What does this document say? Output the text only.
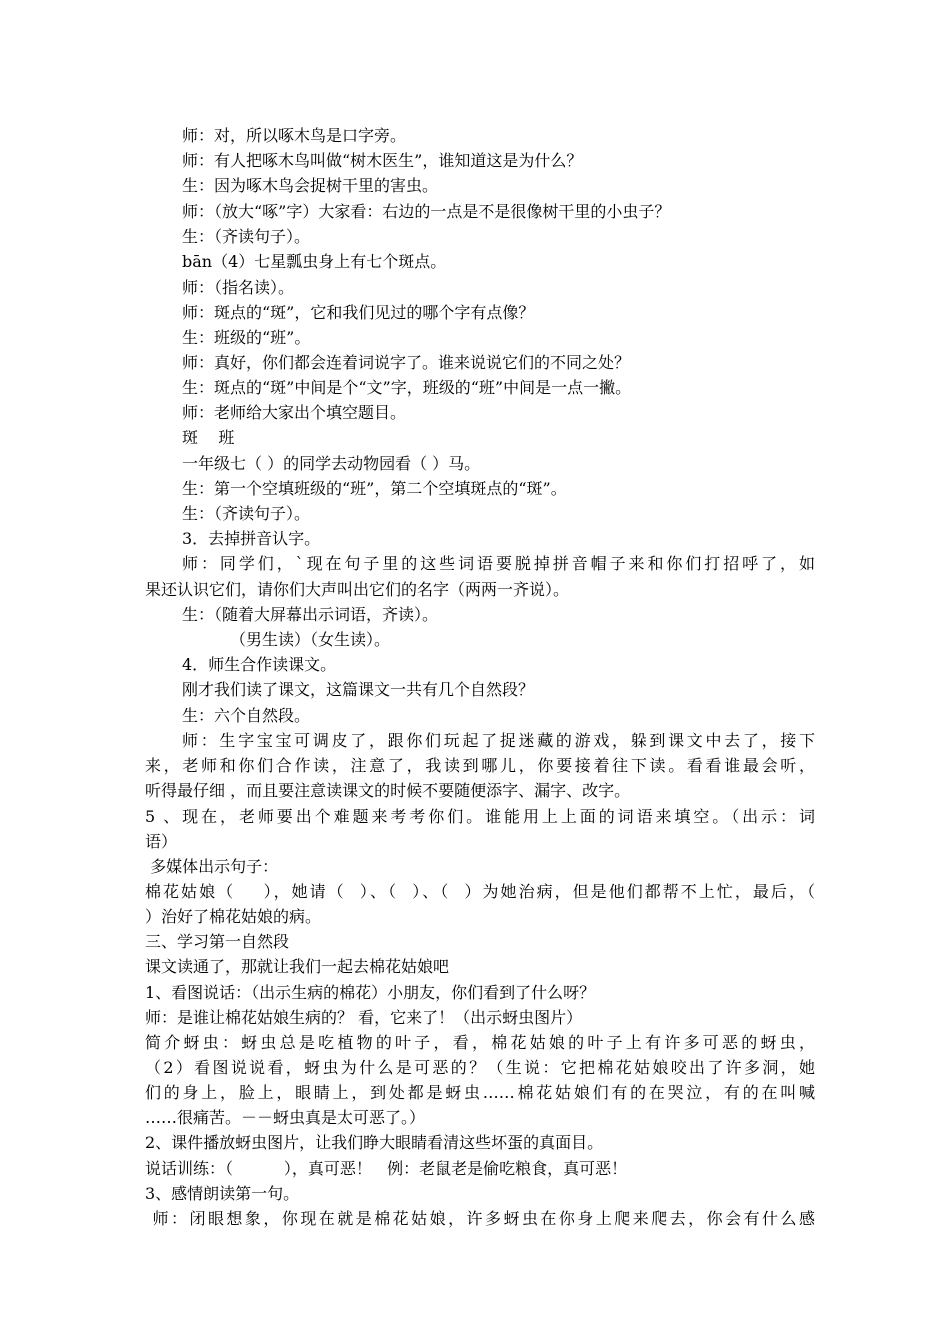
师：对，所以啄木鸟是口字旁。

师：有人把啄木鸟叫做“树木医生”，谁知道这是为什么？

生：因为啄木鸟会捉树干里的害虫。

师：（放大“啄”字）大家看：右边的一点是不是很像树干里的小虫子？

生：（齐读句子）。

bān（4）七星瓢虫身上有七个斑点。

师：（指名读）。

师：斑点的“斑”，它和我们见过的哪个字有点像？

生：班级的“班”。

师：真好，你们都会连着词说字了。谁来说说它们的不同之处？

生：斑点的“斑”中间是个“文”字，班级的“班”中间是一点一撇。

师：老师给大家出个填空题目。

斑    班

一年级七（ ）的同学去动物园看（ ）马。

生：第一个空填班级的“班”，第二个空填斑点的“斑”。

生：（齐读句子）。

3．去掉拼音认字。

师：同学们，`现在句子里的这些词语要脱掉拼音帽子来和你们打招呼了，如

果还认识它们，请你们大声叫出它们的名字（两两一齐说）。

生：（随着大屏幕出示词语，齐读）。

（男生读）（女生读）。

4．师生合作读课文。

刚才我们读了课文，这篇课文一共有几个自然段？

生：六个自然段。

师：生字宝宝可调皮了，跟你们玩起了捉迷藏的游戏，躲到课文中去了，接下

来，老师和你们合作读，注意了，我读到哪儿，你要接着往下读。看看谁最会听，

听得最仔细 ，而且要注意读课文的时候不要随便添字、漏字、改字。

5 、现在，老师要出个难题来考考你们。谁能用上上面的词语来填空。（出示：词

语）

多媒体出示句子：

棉花姑娘（    ），她请（  ）、（  ）、（  ）为她治病，但是他们都帮不上忙，最后，（

）治好了棉花姑娘的病。

三、学习第一自然段

课文读通了，那就让我们一起去棉花姑娘吧

1、看图说话：（出示生病的棉花）小朋友，你们看到了什么呀？

师：是谁让棉花姑娘生病的？ 看，它来了！（出示蚜虫图片）

简介蚜虫：蚜虫总是吃植物的叶子，看，棉花姑娘的叶子上有许多可恶的蚜虫，

（2）看图说说看，蚜虫为什么是可恶的？（生说：它把棉花姑娘咬出了许多洞，她

们的身上，脸上，眼睛上，到处都是蚜虫……棉花姑娘们有的在哭泣，有的在叫喊

……很痛苦。－－蚜虫真是太可恶了。）

2、课件播放蚜虫图片，让我们睁大眼睛看清这些坏蛋的真面目。

说话训练：（          ），真可恶！   例：老鼠老是偷吃粮食，真可恶！

3、感情朗读第一句。

师：闭眼想象，你现在就是棉花姑娘，许多蚜虫在你身上爬来爬去，你会有什么感
